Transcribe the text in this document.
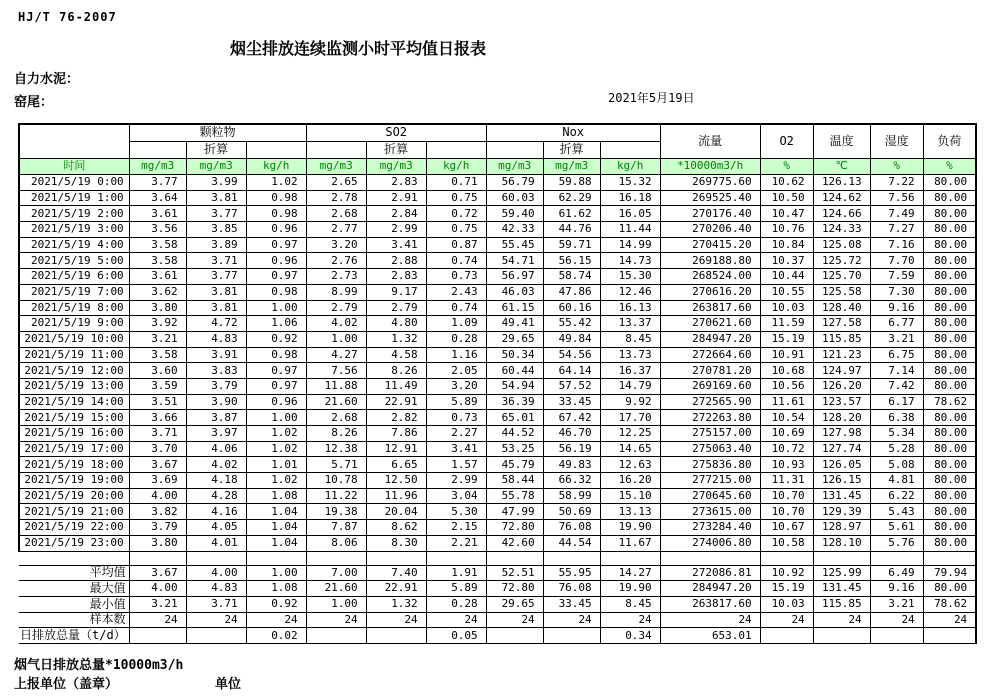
HJ/T 76-2007
烟尘排放连续监测小时平均值日报表
自力水泥：
窑尾：	2021年5月19日
	颗粒物			SO2			Nox			流量	O2	温度	湿度	负荷
		折算			折算			折算						
时间	mg/m3	mg/m3	kg/h	mg/m3	mg/m3	kg/h	mg/m3	mg/m3	kg/h	*10000m3/h	%	℃	%	%
2021/5/19 0:00	3.77	3.99	1.02	2.65	2.83	0.71	56.79	59.88	15.32	269775.60	10.62	126.13	7.22	80.00
2021/5/19 1:00	3.64	3.81	0.98	2.78	2.91	0.75	60.03	62.29	16.18	269525.40	10.50	124.62	7.56	80.00
2021/5/19 2:00	3.61	3.77	0.98	2.68	2.84	0.72	59.40	61.62	16.05	270176.40	10.47	124.66	7.49	80.00
2021/5/19 3:00	3.56	3.85	0.96	2.77	2.99	0.75	42.33	44.76	11.44	270206.40	10.76	124.33	7.27	80.00
2021/5/19 4:00	3.58	3.89	0.97	3.20	3.41	0.87	55.45	59.71	14.99	270415.20	10.84	125.08	7.16	80.00
2021/5/19 5:00	3.58	3.71	0.96	2.76	2.88	0.74	54.71	56.15	14.73	269188.80	10.37	125.72	7.70	80.00
2021/5/19 6:00	3.61	3.77	0.97	2.73	2.83	0.73	56.97	58.74	15.30	268524.00	10.44	125.70	7.59	80.00
2021/5/19 7:00	3.62	3.81	0.98	8.99	9.17	2.43	46.03	47.86	12.46	270616.20	10.55	125.58	7.30	80.00
2021/5/19 8:00	3.80	3.81	1.00	2.79	2.79	0.74	61.15	60.16	16.13	263817.60	10.03	128.40	9.16	80.00
2021/5/19 9:00	3.92	4.72	1.06	4.02	4.80	1.09	49.41	55.42	13.37	270621.60	11.59	127.58	6.77	80.00
2021/5/19 10:00	3.21	4.83	0.92	1.00	1.32	0.28	29.65	49.84	8.45	284947.20	15.19	115.85	3.21	80.00
2021/5/19 11:00	3.58	3.91	0.98	4.27	4.58	1.16	50.34	54.56	13.73	272664.60	10.91	121.23	6.75	80.00
2021/5/19 12:00	3.60	3.83	0.97	7.56	8.26	2.05	60.44	64.14	16.37	270781.20	10.68	124.97	7.14	80.00
2021/5/19 13:00	3.59	3.79	0.97	11.88	11.49	3.20	54.94	57.52	14.79	269169.60	10.56	126.20	7.42	80.00
2021/5/19 14:00	3.51	3.90	0.96	21.60	22.91	5.89	36.39	33.45	9.92	272565.90	11.61	123.57	6.17	78.62
2021/5/19 15:00	3.66	3.87	1.00	2.68	2.82	0.73	65.01	67.42	17.70	272263.80	10.54	128.20	6.38	80.00
2021/5/19 16:00	3.71	3.97	1.02	8.26	7.86	2.27	44.52	46.70	12.25	275157.00	10.69	127.98	5.34	80.00
2021/5/19 17:00	3.70	4.06	1.02	12.38	12.91	3.41	53.25	56.19	14.65	275063.40	10.72	127.74	5.28	80.00
2021/5/19 18:00	3.67	4.02	1.01	5.71	6.65	1.57	45.79	49.83	12.63	275836.80	10.93	126.05	5.08	80.00
2021/5/19 19:00	3.69	4.18	1.02	10.78	12.50	2.99	58.44	66.32	16.20	277215.00	11.31	126.15	4.81	80.00
2021/5/19 20:00	4.00	4.28	1.08	11.22	11.96	3.04	55.78	58.99	15.10	270645.60	10.70	131.45	6.22	80.00
2021/5/19 21:00	3.82	4.16	1.04	19.38	20.04	5.30	47.99	50.69	13.13	273615.00	10.70	129.39	5.43	80.00
2021/5/19 22:00	3.79	4.05	1.04	7.87	8.62	2.15	72.80	76.08	19.90	273284.40	10.67	128.97	5.61	80.00
2021/5/19 23:00	3.80	4.01	1.04	8.06	8.30	2.21	42.60	44.54	11.67	274006.80	10.58	128.10	5.76	80.00

平均值	3.67	4.00	1.00	7.00	7.40	1.91	52.51	55.95	14.27	272086.81	10.92	125.99	6.49	79.94
最大值	4.00	4.83	1.08	21.60	22.91	5.89	72.80	76.08	19.90	284947.20	15.19	131.45	9.16	80.00
最小值	3.21	3.71	0.92	1.00	1.32	0.28	29.65	33.45	8.45	263817.60	10.03	115.85	3.21	78.62
样本数	24	24	24	24	24	24	24	24	24	24	24	24	24	24
日排放总量（t/d）			0.02			0.05			0.34	653.01				
烟气日排放总量*10000m3/h
上报单位（盖章）	单位
